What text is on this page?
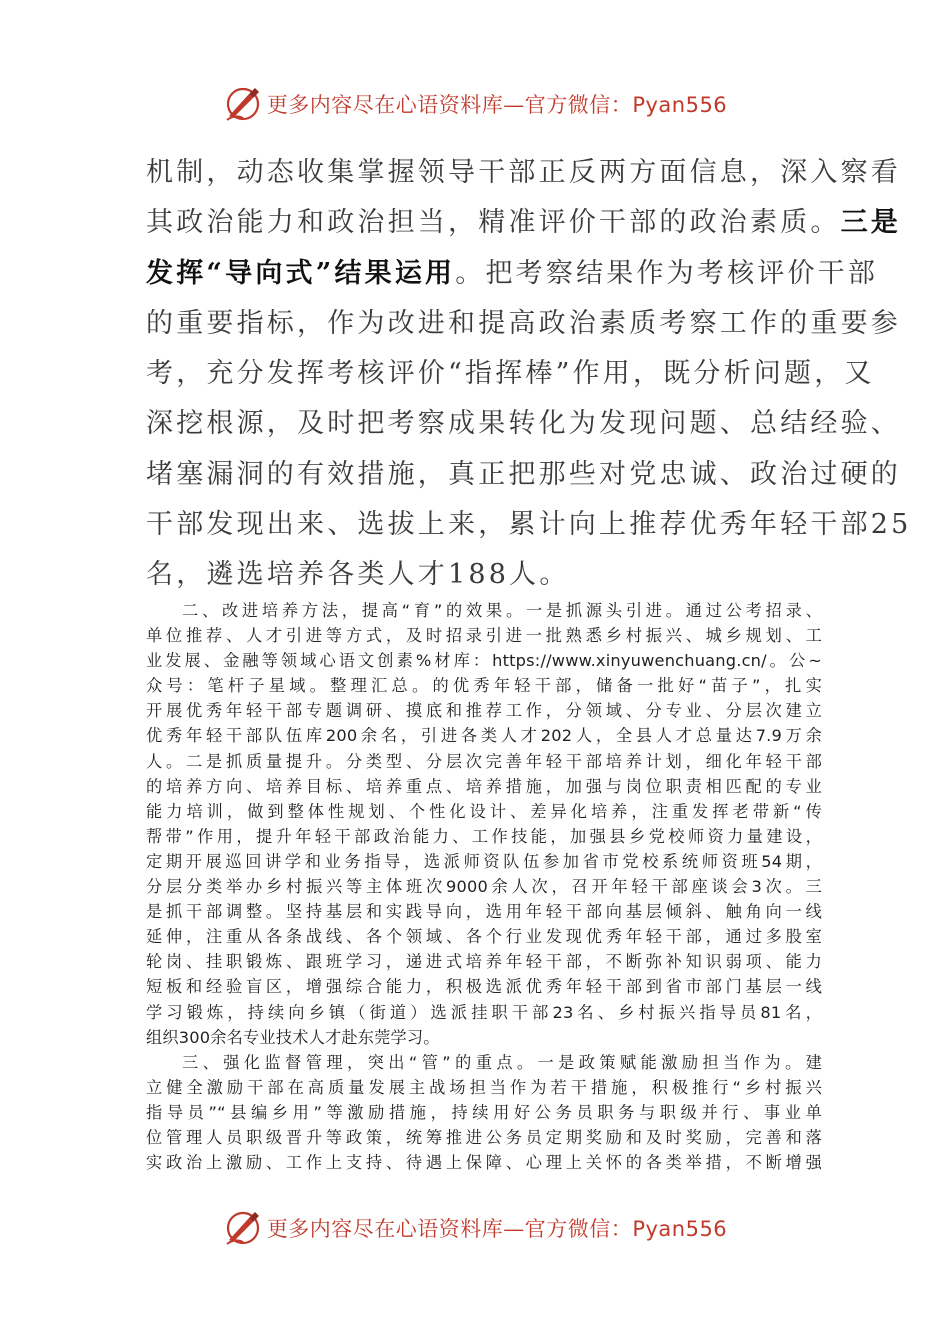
更多内容尽在心语资料库—官方微信：Pyan556
机制，动态收集掌握领导干部正反两方面信息，深入察看
其政治能力和政治担当，精准评价干部的政治素质。三是
发挥“导向式”结果运用。把考察结果作为考核评价干部
的重要指标，作为改进和提高政治素质考察工作的重要参
考，充分发挥考核评价“指挥棒”作用，既分析问题，又
深挖根源，及时把考察成果转化为发现问题、总结经验、
堵塞漏洞的有效措施，真正把那些对党忠诚、政治过硬的
干部发现出来、选拔上来，累计向上推荐优秀年轻干部25
名，遴选培养各类人才188人。
二、改进培养方法，提高“育”的效果。一是抓源头引进。通过公考招录、
单位推荐、人才引进等方式，及时招录引进一批熟悉乡村振兴、城乡规划、工
业发展、金融等领域心语文创素%材库：https://www.xinyuwenchuang.cn/。公~
众号：笔杆子星域。整理汇总。的优秀年轻干部，储备一批好“苗子”，扎实
开展优秀年轻干部专题调研、摸底和推荐工作，分领域、分专业、分层次建立
优秀年轻干部队伍库200余名，引进各类人才202人，全县人才总量达7.9万余
人。二是抓质量提升。分类型、分层次完善年轻干部培养计划，细化年轻干部
的培养方向、培养目标、培养重点、培养措施，加强与岗位职责相匹配的专业
能力培训，做到整体性规划、个性化设计、差异化培养，注重发挥老带新“传
帮带”作用，提升年轻干部政治能力、工作技能，加强县乡党校师资力量建设，
定期开展巡回讲学和业务指导，选派师资队伍参加省市党校系统师资班54期，
分层分类举办乡村振兴等主体班次9000余人次，召开年轻干部座谈会3次。三
是抓干部调整。坚持基层和实践导向，选用年轻干部向基层倾斜、触角向一线
延伸，注重从各条战线、各个领域、各个行业发现优秀年轻干部，通过多股室
轮岗、挂职锻炼、跟班学习，递进式培养年轻干部，不断弥补知识弱项、能力
短板和经验盲区，增强综合能力，积极选派优秀年轻干部到省市部门基层一线
学习锻炼，持续向乡镇（街道）选派挂职干部23名、乡村振兴指导员81名，
组织300余名专业技术人才赴东莞学习。
三、强化监督管理，突出“管”的重点。一是政策赋能激励担当作为。建
立健全激励干部在高质量发展主战场担当作为若干措施，积极推行“乡村振兴
指导员”“县编乡用”等激励措施，持续用好公务员职务与职级并行、事业单
位管理人员职级晋升等政策，统筹推进公务员定期奖励和及时奖励，完善和落
实政治上激励、工作上支持、待遇上保障、心理上关怀的各类举措，不断增强
更多内容尽在心语资料库—官方微信：Pyan556
